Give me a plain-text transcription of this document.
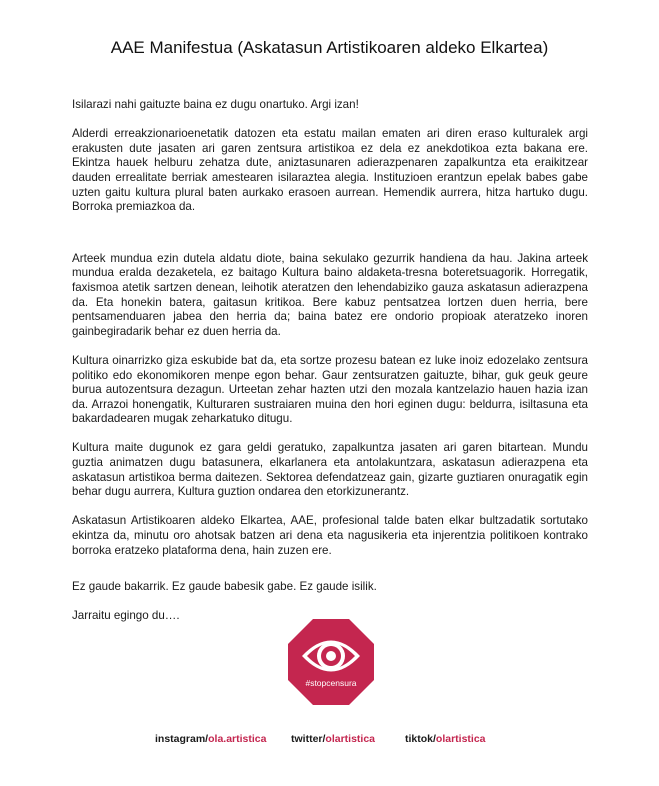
AAE Manifestua (Askatasun Artistikoaren aldeko Elkartea)

Isilarazi nahi gaituzte baina ez dugu onartuko. Argi izan!

Alderdi erreakzionarioenetatik datozen eta estatu mailan ematen ari diren eraso kulturalek argi erakusten dute jasaten ari garen zentsura artistikoa ez dela ez anekdotikoa ezta bakana ere. Ekintza hauek helburu zehatza dute, aniztasunaren adierazpenaren zapalkuntza eta eraikitzear dauden errealitate berriak amestearen isilaraztea alegia. Instituzioen erantzun epelak babes gabe uzten gaitu kultura plural baten aurkako erasoen aurrean. Hemendik aurrera, hitza hartuko dugu. Borroka premiazkoa da.

Arteek mundua ezin dutela aldatu diote, baina sekulako gezurrik handiena da hau. Jakina arteek mundua eralda dezaketela, ez baitago Kultura baino aldaketa-tresna boteretsuagorik. Horregatik, faxismoa atetik sartzen denean, leihotik ateratzen den lehendabiziko gauza askatasun adierazpena da. Eta honekin batera, gaitasun kritikoa. Bere kabuz pentsatzea lortzen duen herria, bere pentsamenduaren jabea den herria da; baina batez ere ondorio propioak ateratzeko inoren gainbegiradarik behar ez duen herria da.

Kultura oinarrizko giza eskubide bat da, eta sortze prozesu batean ez luke inoiz edozelako zentsura politiko edo ekonomikoren menpe egon behar. Gaur zentsuratzen gaituzte, bihar, guk geuk geure burua autozentsura dezagun. Urteetan zehar hazten utzi den mozala kantzelazio hauen hazia izan da. Arrazoi honengatik, Kulturaren sustraiaren muina den hori eginen dugu: beldurra, isiltasuna eta bakardadearen mugak zeharkatuko ditugu.

Kultura maite dugunok ez gara geldi geratuko, zapalkuntza jasaten ari garen bitartean. Mundu guztia animatzen dugu batasunera, elkarlanera eta antolakuntzara, askatasun adierazpena eta askatasun artistikoa berma daitezen. Sektorea defendatzeaz gain, gizarte guztiaren onuragatik egin behar dugu aurrera, Kultura guztion ondarea den etorkizunerantz.

Askatasun Artistikoaren aldeko Elkartea, AAE, profesional talde baten elkar bultzadatik sortutako ekintza da, minutu oro ahotsak batzen ari dena eta nagusikeria eta injerentzia politikoen kontrako borroka eratzeko plataforma dena, hain zuzen ere.

Ez gaude bakarrik. Ez gaude babesik gabe. Ez gaude isilik.

Jarraitu egingo du….

#stopcensura
instagram/ola.artistica twitter/olartistica	tiktok/olartistica
